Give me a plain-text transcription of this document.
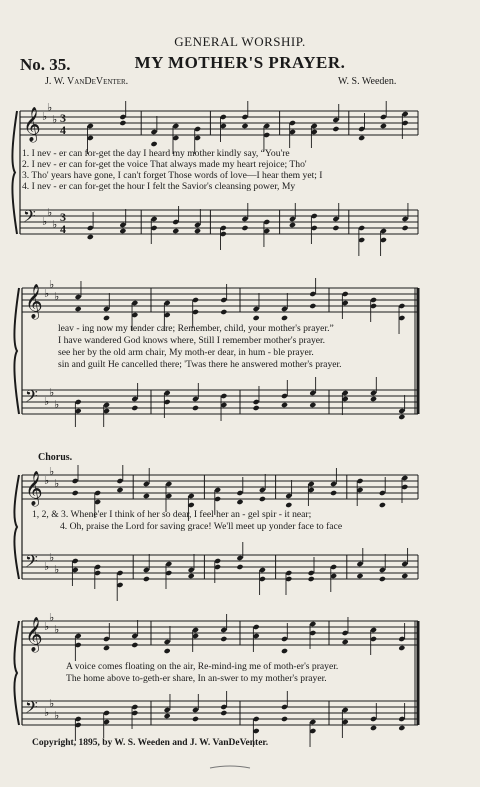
GENERAL WORSHIP.
No. 35.	MY MOTHER'S PRAYER.
J. W. VanDeVenter.	W. S. Weeden.
𝄞
𝄢
♭
♭
♭
♭
♭
♭
3
4
3
4
𝄞
𝄢
♭
♭
♭
♭
♭
♭
𝄞
𝄢
♭
♭
♭
♭
♭
♭
𝄞
𝄢
♭
♭
♭
♭
♭
♭
1. I nev - er can for-get the day I heard my mother kindly say, “You're
2. I nev - er can for-get the voice That always made my heart rejoice; Tho'
3. Tho' years have gone, I can't forget Those words of love—I hear them yet; I
4. I nev - er can for-get the hour I felt the Savior's cleansing power, My
leav - ing now my tender care; Remember, child, your mother's prayer.”
I have wandered God knows where, Still I remember mother's prayer.
see her by the old arm chair, My moth-er dear, in hum - ble prayer.
sin and guilt He cancelled there; 'Twas there he answered mother's prayer.
Chorus.
1, 2, & 3. Whene'er I think of her so dear, I feel her an - gel spir - it near;
4. Oh, praise the Lord for saving grace! We'll meet up yonder face to face
A voice comes floating on the air, Re-mind-ing me of moth-er's prayer.
The home above to-geth-er share, In an-swer to my mother's prayer.
Copyright, 1895, by W. S. Weeden and J. W. VanDeVenter.
